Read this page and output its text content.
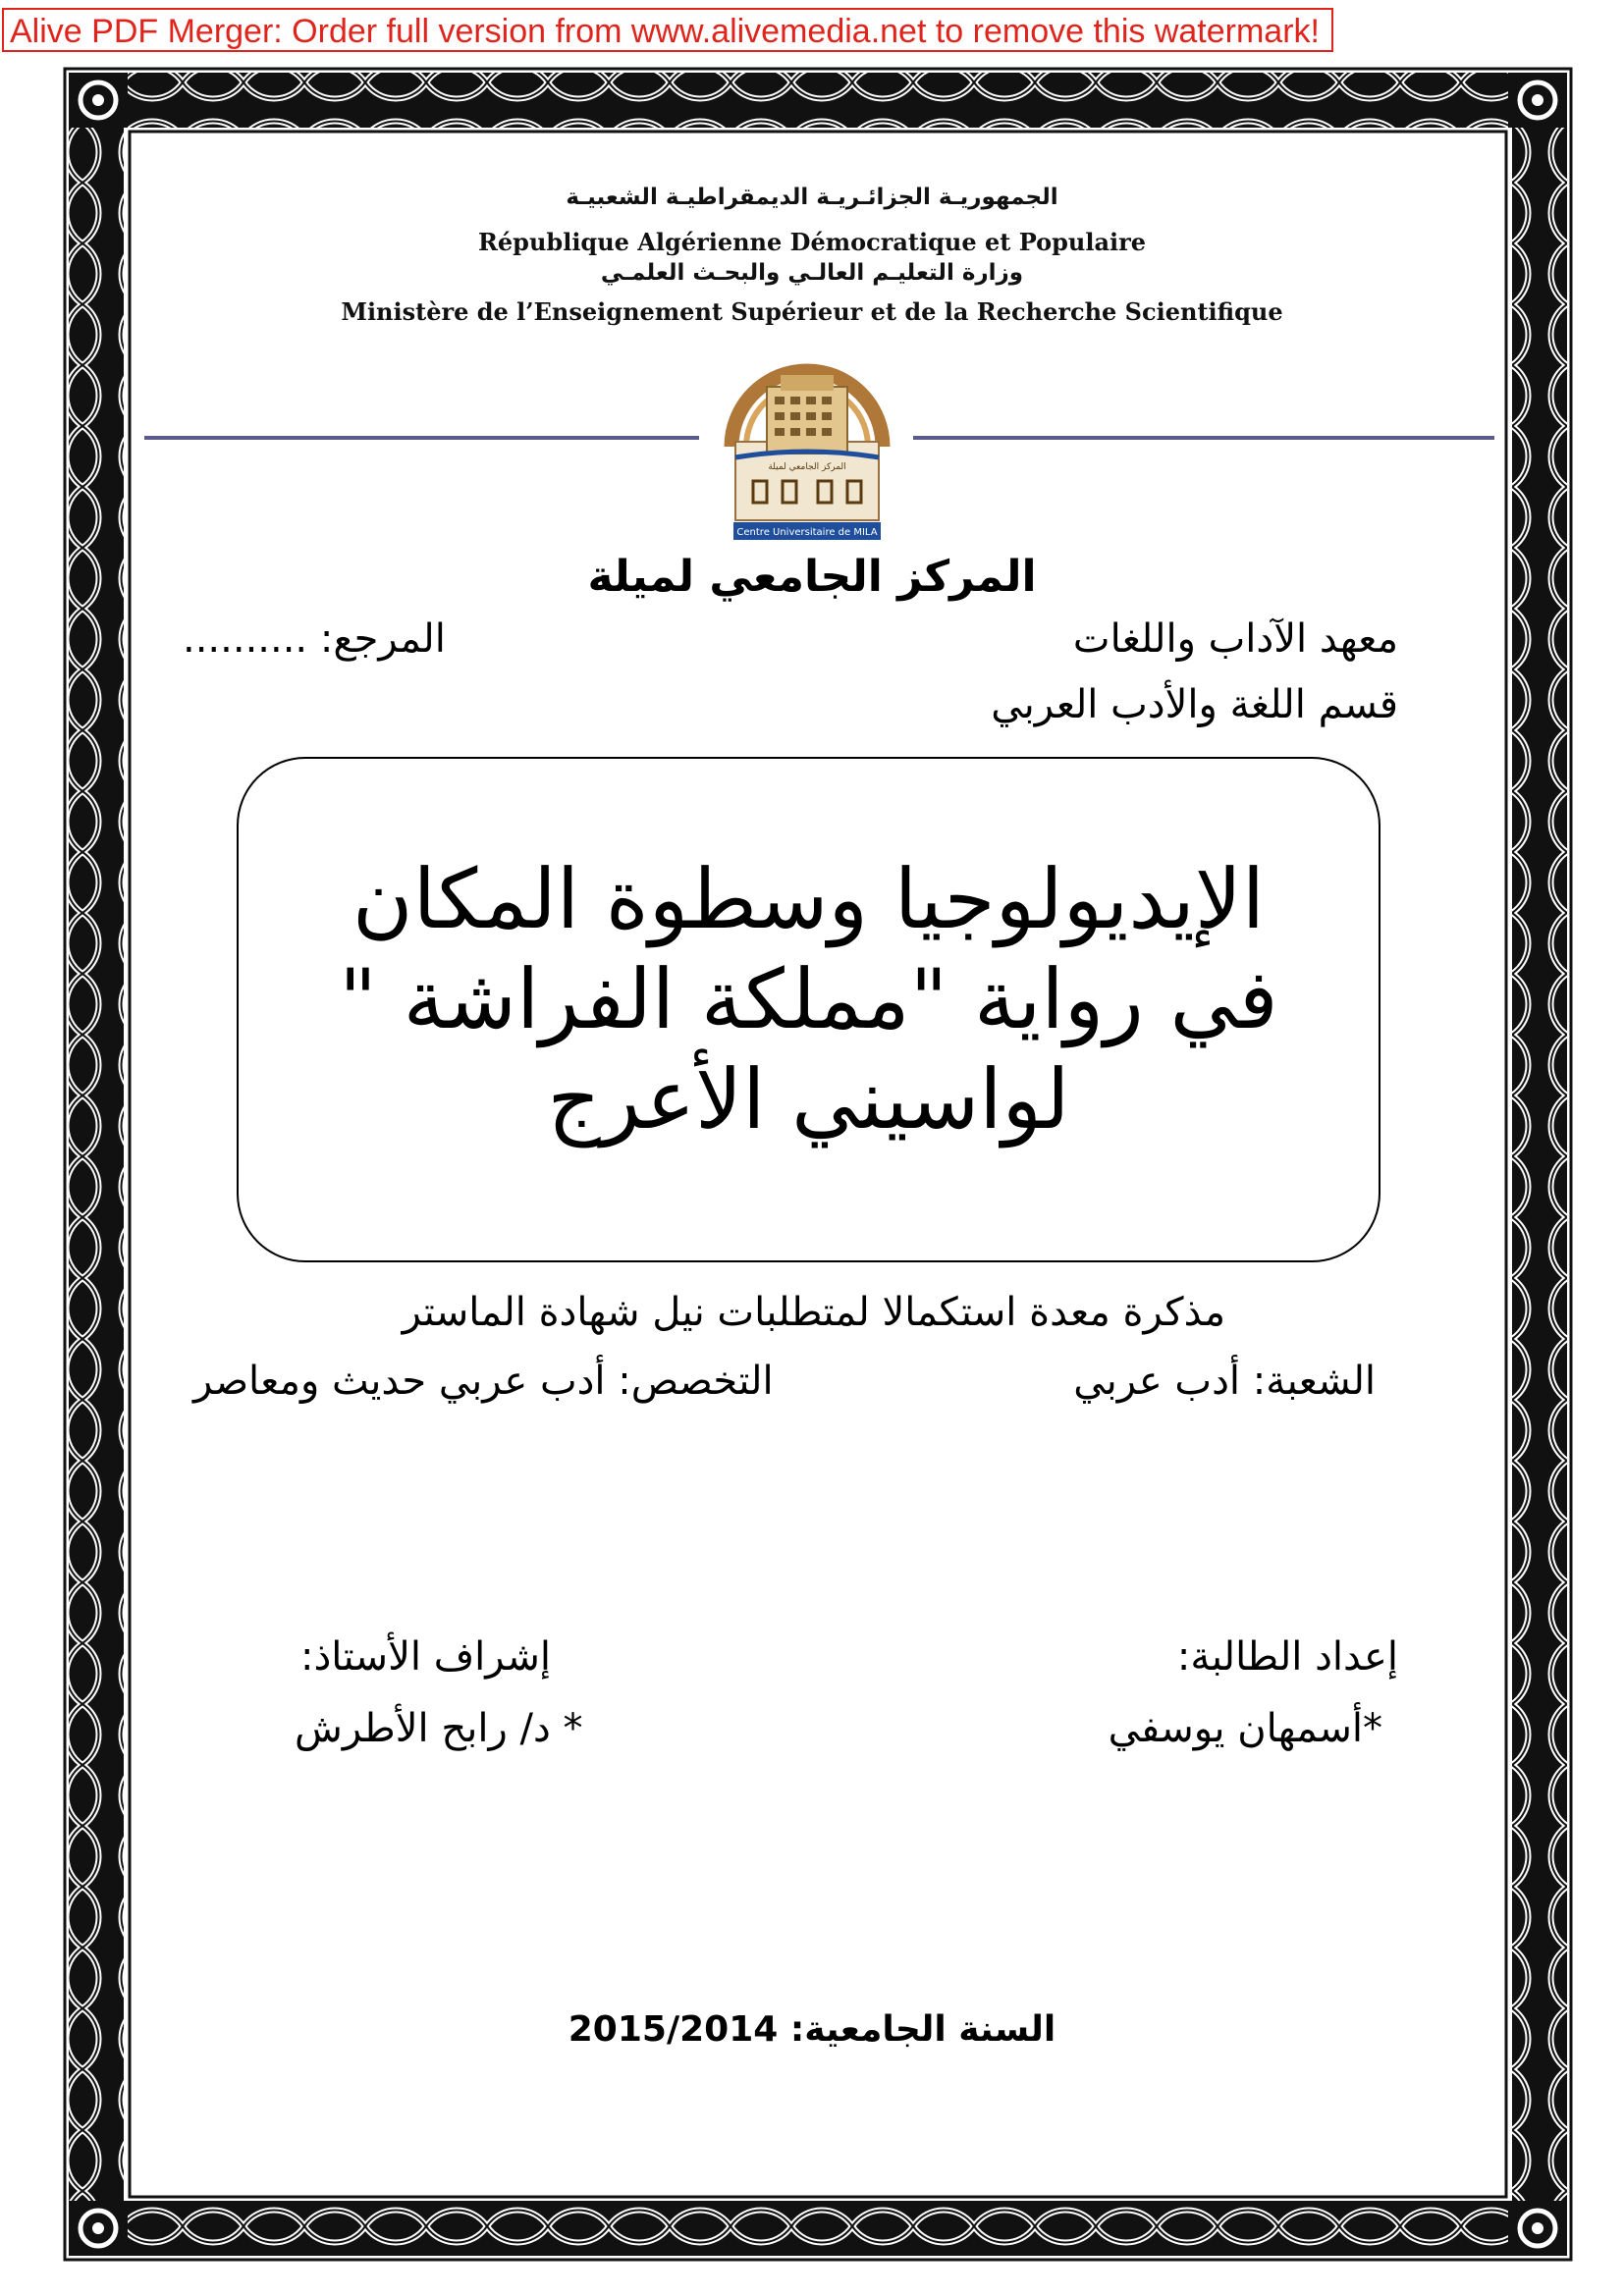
Alive PDF Merger: Order full version from www.alivemedia.net to remove this watermark!
الجمهوريـة الجزائـريـة الديمقراطيـة الشعبيـة
République Algérienne Démocratique et Populaire
وزارة التعليـم العالـي والبحـث العلمـي
Ministère de l’Enseignement Supérieur et de la Recherche Scientifique
المركز الجامعي لميلة
Centre Universitaire de MILA
المركز الجامعي لميلة
معهد الآداب واللغات
المرجع: ..........
قسم اللغة والأدب العربي
الإيديولوجيا وسطوة المكان
في رواية "مملكة الفراشة "
لواسيني الأعرج
مذكرة معدة استكمالا لمتطلبات نيل شهادة الماستر
الشعبة: أدب عربي
التخصص: أدب عربي حديث ومعاصر
إعداد الطالبة:
*أسمهان يوسفي
إشراف الأستاذ:
* د/ رابح الأطرش
السنة الجامعية: 2015/2014
